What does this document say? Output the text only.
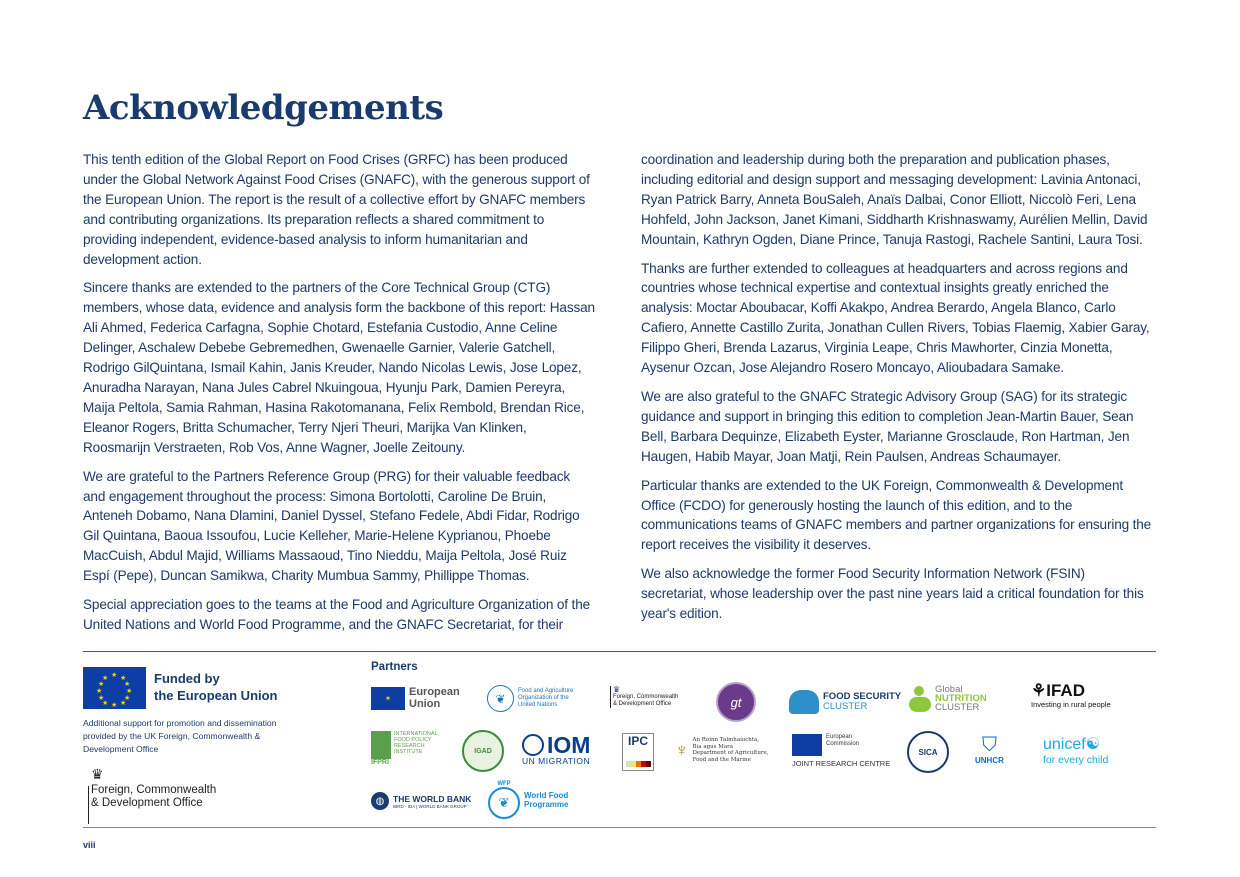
Acknowledgements

This tenth edition of the Global Report on Food Crises (GRFC) has been produced under the Global Network Against Food Crises (GNAFC), with the generous support of the European Union. The report is the result of a collective effort by GNAFC members and contributing organizations. Its preparation reflects a shared commitment to providing independent, evidence-based analysis to inform humanitarian and development action.

Sincere thanks are extended to the partners of the Core Technical Group (CTG) members, whose data, evidence and analysis form the backbone of this report: Hassan Ali Ahmed, Federica Carfagna, Sophie Chotard, Estefania Custodio, Anne Celine Delinger, Aschalew Debebe Gebremedhen, Gwenaelle Garnier, Valerie Gatchell, Rodrigo GilQuintana, Ismail Kahin, Janis Kreuder, Nando Nicolas Lewis, Jose Lopez, Anuradha Narayan, Nana Jules Cabrel Nkuingoua, Hyunju Park, Damien Pereyra, Maija Peltola, Samia Rahman, Hasina Rakotomanana, Felix Rembold, Brendan Rice, Eleanor Rogers, Britta Schumacher, Terry Njeri Theuri, Marijka Van Klinken, Roosmarijn Verstraeten, Rob Vos, Anne Wagner, Joelle Zeitouny.

We are grateful to the Partners Reference Group (PRG) for their valuable feedback and engagement throughout the process: Simona Bortolotti, Caroline De Bruin, Anteneh Dobamo, Nana Dlamini, Daniel Dyssel, Stefano Fedele, Abdi Fidar, Rodrigo Gil Quintana, Baoua Issoufou, Lucie Kelleher, Marie-Helene Kyprianou, Phoebe MacCuish, Abdul Majid, Williams Massaoud, Tino Nieddu, Maija Peltola, José Ruiz Espí (Pepe), Duncan Samikwa, Charity Mumbua Sammy, Phillippe Thomas.

Special appreciation goes to the teams at the Food and Agriculture Organization of the United Nations and World Food Programme, and the GNAFC Secretariat, for their

coordination and leadership during both the preparation and publication phases, including editorial and design support and messaging development: Lavinia Antonaci, Ryan Patrick Barry, Anneta BouSaleh, Anaïs Dalbai, Conor Elliott, Niccolò Feri, Lena Hohfeld, John Jackson, Janet Kimani, Siddharth Krishnaswamy, Aurélien Mellin, David Mountain, Kathryn Ogden, Diane Prince, Tanuja Rastogi, Rachele Santini, Laura Tosi.

Thanks are further extended to colleagues at headquarters and across regions and countries whose technical expertise and contextual insights greatly enriched the analysis: Moctar Aboubacar, Koffi Akakpo, Andrea Berardo, Angela Blanco, Carlo Cafiero, Annette Castillo Zurita, Jonathan Cullen Rivers, Tobias Flaemig, Xabier Garay, Filippo Gheri, Brenda Lazarus, Virginia Leape, Chris Mawhorter, Cinzia Monetta, Aysenur Ozcan, Jose Alejandro Rosero Moncayo, Alioubadara Samake.

We are also grateful to the GNAFC Strategic Advisory Group (SAG) for its strategic guidance and support in bringing this edition to completion Jean-Martin Bauer, Sean Bell, Barbara Dequinze, Elizabeth Eyster, Marianne Grosclaude, Ron Hartman, Jen Haugen, Habib Mayar, Joan Matji, Rein Paulsen, Andreas Schaumayer.

Particular thanks are extended to the UK Foreign, Commonwealth & Development Office (FCDO) for generously hosting the launch of this edition, and to the communications teams of GNAFC members and partner organizations for ensuring the report receives the visibility it deserves.

We also acknowledge the former Food Security Information Network (FSIN) secretariat, whose leadership over the past nine years laid a critical foundation for this year's edition.

★ ★
★
★
★
★
★
★
★
★
★
★	Funded by
the European Union
Additional support for promotion and dissemination provided by the UK Foreign, Commonwealth & Development Office
♛
Foreign, Commonwealth
& Development Office
Partners
✶	European
Union	❦
Food and Agriculture
Organization of the
United Nations
♛
Foreign, Commonwealth
& Development Office	gt	FOOD SECURITY
CLUSTER
Global
NUTRITION
CLUSTER
⚘IFAD
Investing in rural people
INTERNATIONAL
FOOD POLICY
RESEARCH
INSTITUTE
IFPRI
IGAD	IOM
UN MIGRATION
IPC ♆ An Roinn Talmhaíochta,
Bia agus Mara
Department of Agriculture,
Food and the Marine
European
Commission
JOINT RESEARCH CENTRE
SICA	⛉
UNHCR
unicef☯
for every child
◍	THE WORLD BANK
IBRD · IDA | WORLD BANK GROUP
WFP
❦	World Food
Programme
viii
